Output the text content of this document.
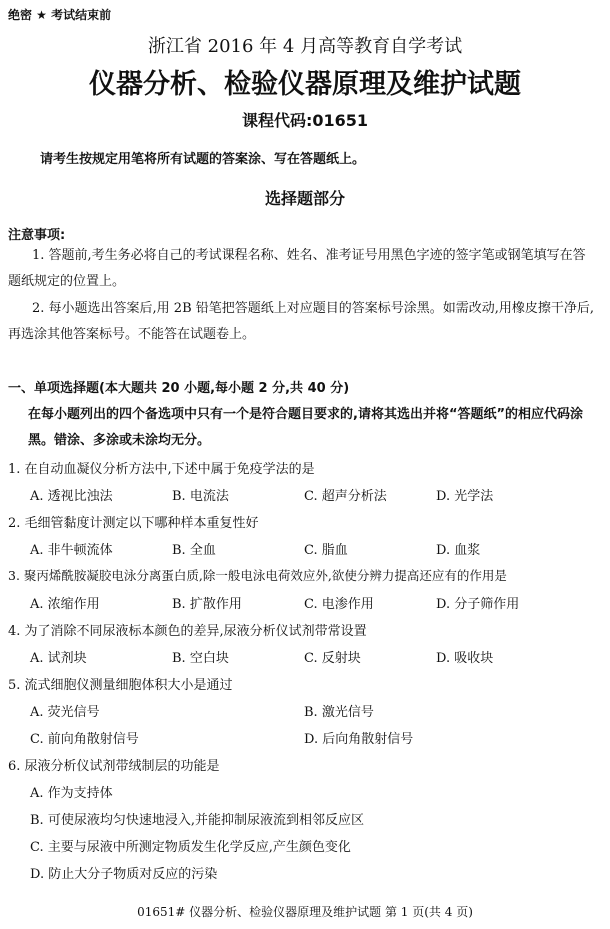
绝密 ★ 考试结束前
浙江省 2016 年 4 月高等教育自学考试
仪器分析、检验仪器原理及维护试题
课程代码:01651
请考生按规定用笔将所有试题的答案涂、写在答题纸上。
选择题部分
注意事项:
1. 答题前,考生务必将自己的考试课程名称、姓名、准考证号用黑色字迹的签字笔或钢笔填写在答题纸规定的位置上。
2. 每小题选出答案后,用 2B 铅笔把答题纸上对应题目的答案标号涂黑。如需改动,用橡皮擦干净后,再选涂其他答案标号。不能答在试题卷上。
一、单项选择题(本大题共 20 小题,每小题 2 分,共 40 分)
在每小题列出的四个备选项中只有一个是符合题目要求的,请将其选出并将“答题纸”的相应代码涂黑。错涂、多涂或未涂均无分。
1. 在自动血凝仪分析方法中,下述中属于免疫学法的是
A. 透视比浊法	B. 电流法	C. 超声分析法	D. 光学法
2. 毛细管黏度计测定以下哪种样本重复性好
A. 非牛顿流体	B. 全血	C. 脂血	D. 血浆
3. 聚丙烯酰胺凝胶电泳分离蛋白质,除一般电泳电荷效应外,欲使分辨力提高还应有的作用是
A. 浓缩作用	B. 扩散作用	C. 电渗作用	D. 分子筛作用
4. 为了消除不同尿液标本颜色的差异,尿液分析仪试剂带常设置
A. 试剂块	B. 空白块	C. 反射块	D. 吸收块
5. 流式细胞仪测量细胞体积大小是通过
A. 荧光信号	B. 激光信号
C. 前向角散射信号	D. 后向角散射信号
6. 尿液分析仪试剂带绒制层的功能是
A. 作为支持体
B. 可使尿液均匀快速地浸入,并能抑制尿液流到相邻反应区
C. 主要与尿液中所测定物质发生化学反应,产生颜色变化
D. 防止大分子物质对反应的污染
01651# 仪器分析、检验仪器原理及维护试题 第 1 页(共 4 页)
